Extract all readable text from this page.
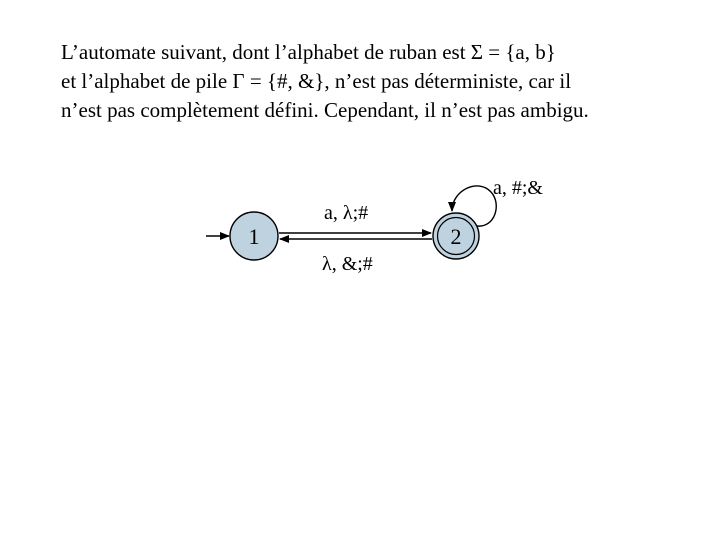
L’automate suivant, dont l’alphabet de ruban est Σ = {a, b}
et l’alphabet de pile Γ = {#, &}, n’est pas déterministe, car il
n’est pas complètement défini. Cependant, il n’est pas ambigu.

1	2
a, λ;#
λ, &;#
a, #;&
